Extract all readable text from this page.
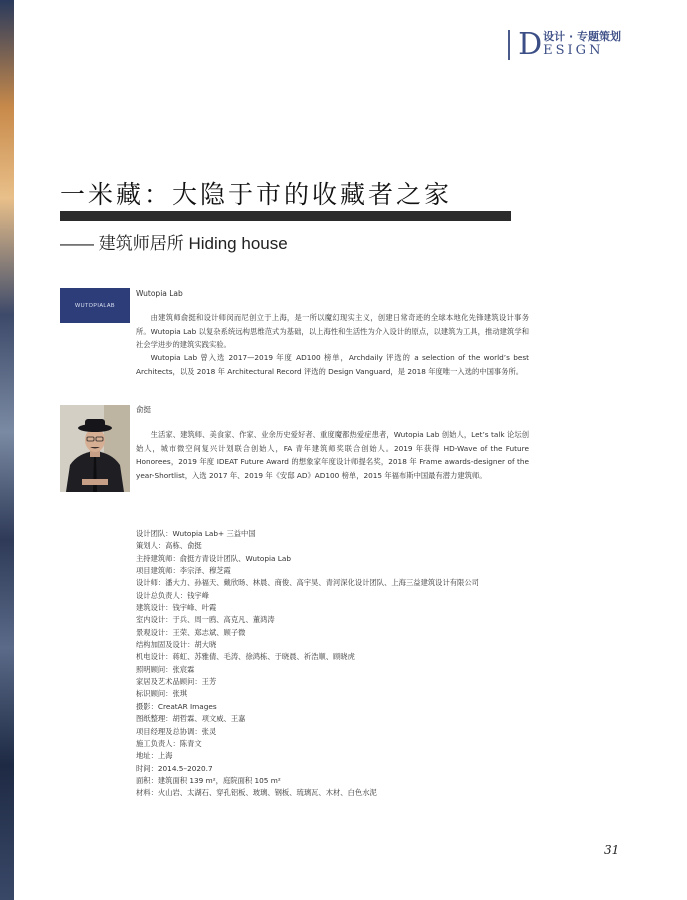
D 设计 · 专题策划
ESIGN
一米藏：大隐于市的收藏者之家
—— 建筑师居所 Hiding house
WUTOPIALAB
Wutopia Lab
由建筑师俞挺和设计师闵而尼创立于上海，是一所以魔幻现实主义，创建日常奇迹的全球本地化先锋建筑设计事务所。Wutopia Lab 以复杂系统远构思维范式为基础，以上海性和生活性为介入设计的原点，以建筑为工具，推动建筑学和社会学进步的建筑实践实验。
Wutopia Lab 曾入选 2017—2019 年度 AD100 榜单，Archdaily 评选的 a selection of the world’s best Architects，以及 2018 年 Architectural Record 评选的 Design Vanguard，是 2018 年度唯一入选的中国事务所。
俞挺
生活家、建筑师、美食家、作家、业余历史爱好者、重度魔都热爱症患者，Wutopia Lab 创始人，Let’s talk 论坛创始人，城市微空间复兴计划联合创始人，FA 青年建筑师奖联合创始人。2019 年获得 HD-Wave of the Future Honorees，2019 年度 IDEAT Future Award 的想象家年度设计师提名奖，2018 年 Frame awards-designer of the year-Shortlist，入选 2017 年、2019 年《安邸 AD》AD100 榜单，2015 年福布斯中国最有潜力建筑师。
设计团队：Wutopia Lab+ 三益中国
策划人：高栋、俞挺
主持建筑师：俞挺方青设计团队、Wutopia Lab
项目建筑师：李宗泽、穆芝霞
设计师：潘大力、孙福天、戴欣旸、林晨、商俊、高宇昊、青河深化设计团队、上海三益建筑设计有限公司
设计总负责人：钱宇峰
建筑设计：钱宇峰、叶霞
室内设计：于兵、周一鸥、高克凡、董鸿涛
景观设计：王荣、郑志斌、顾子微
结构加固及设计：胡大晓
机电设计：蒋虹、苏雅倩、毛涛、徐鸿栋、于晓晨、祈浩顺、顾晓虎
照明顾问：张宸霖
家居及艺术品顾问：王芳
标识顾问：张琪
摄影：CreatAR Images
图纸整理：胡哲霖、项文威、王嘉
项目经理及总协调：张灵
施工负责人：陈青文
地址：上海
时间：2014.5–2020.7
面积：建筑面积 139 m²，庭院面积 105 m²
材料：火山岩、太湖石、穿孔铝板、玻璃、钢板、琉璃瓦、木材、白色水泥
31
